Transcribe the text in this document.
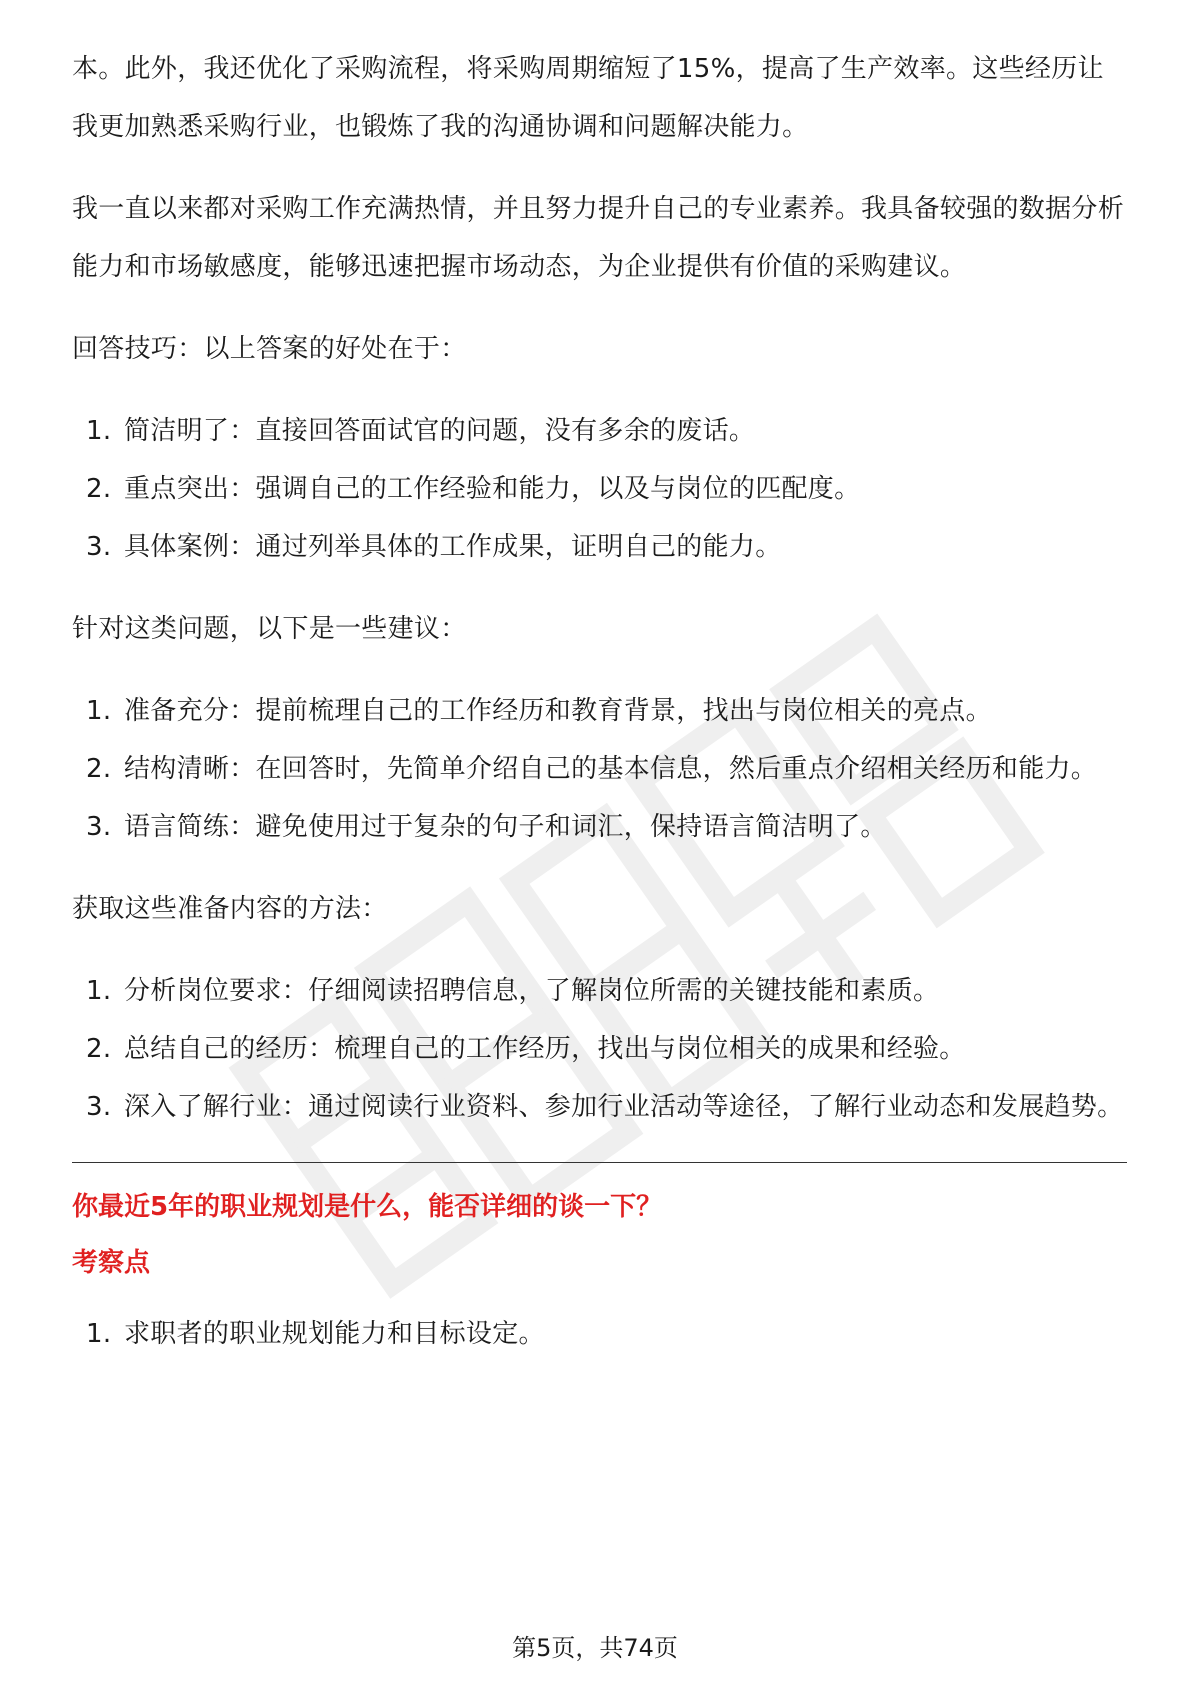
本。此外，我还优化了采购流程，将采购周期缩短了15%，提高了生产效率。这些经历让我更加熟悉采购行业，也锻炼了我的沟通协调和问题解决能力。

我一直以来都对采购工作充满热情，并且努力提升自己的专业素养。我具备较强的数据分析能力和市场敏感度，能够迅速把握市场动态，为企业提供有价值的采购建议。

回答技巧：以上答案的好处在于：

1. 简洁明了：直接回答面试官的问题，没有多余的废话。
2. 重点突出：强调自己的工作经验和能力，以及与岗位的匹配度。
3. 具体案例：通过列举具体的工作成果，证明自己的能力。

针对这类问题，以下是一些建议：

1. 准备充分：提前梳理自己的工作经历和教育背景，找出与岗位相关的亮点。
2. 结构清晰：在回答时，先简单介绍自己的基本信息，然后重点介绍相关经历和能力。
3. 语言简练：避免使用过于复杂的句子和词汇，保持语言简洁明了。

获取这些准备内容的方法：

1. 分析岗位要求：仔细阅读招聘信息，了解岗位所需的关键技能和素质。
2. 总结自己的经历：梳理自己的工作经历，找出与岗位相关的成果和经验。
3. 深入了解行业：通过阅读行业资料、参加行业活动等途径，了解行业动态和发展趋势。
你最近5年的职业规划是什么，能否详细的谈一下？
考察点
1. 求职者的职业规划能力和目标设定。
第5页，共74页
